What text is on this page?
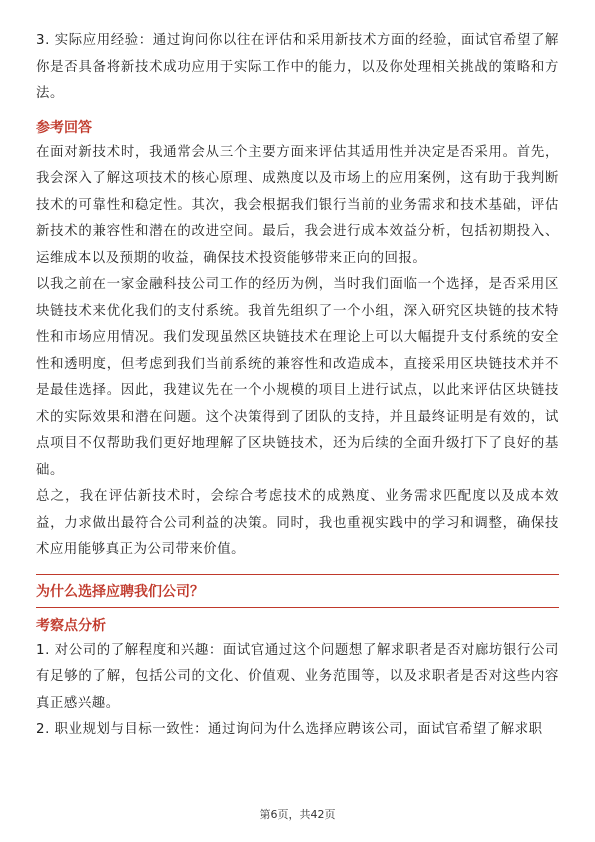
3. 实际应用经验：通过询问你以往在评估和采用新技术方面的经验，面试官希望了解你是否具备将新技术成功应用于实际工作中的能力，以及你处理相关挑战的策略和方法。

参考回答

在面对新技术时，我通常会从三个主要方面来评估其适用性并决定是否采用。首先，我会深入了解这项技术的核心原理、成熟度以及市场上的应用案例，这有助于我判断技术的可靠性和稳定性。其次，我会根据我们银行当前的业务需求和技术基础，评估新技术的兼容性和潜在的改进空间。最后，我会进行成本效益分析，包括初期投入、运维成本以及预期的收益，确保技术投资能够带来正向的回报。

以我之前在一家金融科技公司工作的经历为例，当时我们面临一个选择，是否采用区块链技术来优化我们的支付系统。我首先组织了一个小组，深入研究区块链的技术特性和市场应用情况。我们发现虽然区块链技术在理论上可以大幅提升支付系统的安全性和透明度，但考虑到我们当前系统的兼容性和改造成本，直接采用区块链技术并不是最佳选择。因此，我建议先在一个小规模的项目上进行试点，以此来评估区块链技术的实际效果和潜在问题。这个决策得到了团队的支持，并且最终证明是有效的，试点项目不仅帮助我们更好地理解了区块链技术，还为后续的全面升级打下了良好的基础。

总之，我在评估新技术时，会综合考虑技术的成熟度、业务需求匹配度以及成本效益，力求做出最符合公司利益的决策。同时，我也重视实践中的学习和调整，确保技术应用能够真正为公司带来价值。

为什么选择应聘我们公司？

考察点分析

1. 对公司的了解程度和兴趣：面试官通过这个问题想了解求职者是否对廊坊银行公司有足够的了解，包括公司的文化、价值观、业务范围等，以及求职者是否对这些内容真正感兴趣。

2. 职业规划与目标一致性：通过询问为什么选择应聘该公司，面试官希望了解求职

第6页，共42页
